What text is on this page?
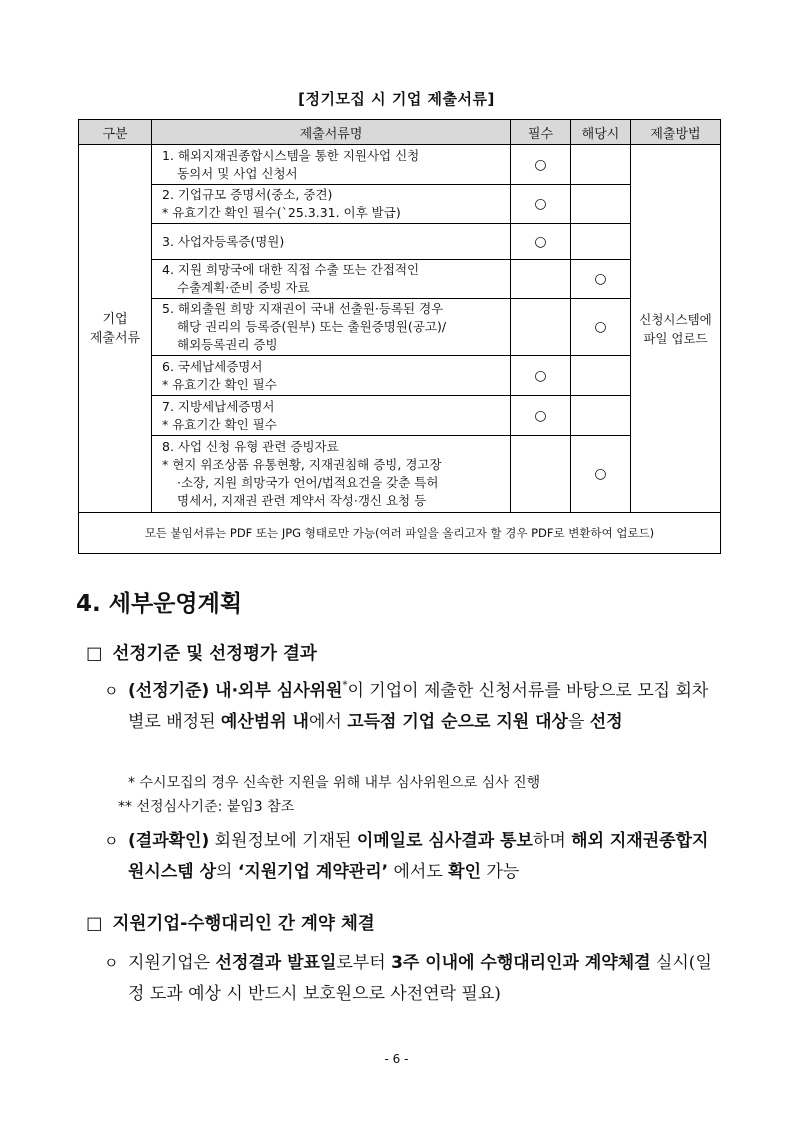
[정기모집 시 기업 제출서류]
구분	제출서류명	필수	해당시	제출방법

기업
제출서류	1. 해외지재권종합시스템을 통한 지원사업 신청
동의서 및 사업 신청서	○		신청시스템에
파일 업로드

	2. 기업규모 증명서(중소, 중견)
* 유효기간 확인 필수(`25.3.31. 이후 발급)	○		

	3. 사업자등록증(명원)	○		

	4. 지원 희망국에 대한 직접 수출 또는 간접적인
수출계획·준비 증빙 자료		○	

	5. 해외출원 희망 지재권이 국내 선출원·등록된 경우
해당 권리의 등록증(원부) 또는 출원증명원(공고)/
해외등록권리 증빙		○	

	6. 국세납세증명서
* 유효기간 확인 필수	○		

	7. 지방세납세증명서
* 유효기간 확인 필수	○		

	8. 사업 신청 유형 관련 증빙자료
* 현지 위조상품 유통현황, 지재권침해 증빙, 경고장
·소장, 지원 희망국가 언어/법적요건을 갖춘 특허
명세서, 지재권 관련 계약서 작성·갱신 요청 등		○	
모든 붙임서류는 PDF 또는 JPG 형태로만 가능(여러 파일을 올리고자 할 경우 PDF로 변환하여 업로드)				
4. 세부운영계획
□ 선정기준 및 선정평가 결과
ㅇ (선정기준) 내·외부 심사위원*이 기업이 제출한 신청서류를 바탕으로 모집 회차별로 배정된 예산범위 내에서 고득점 기업 순으로 지원 대상을 선정
* 수시모집의 경우 신속한 지원을 위해 내부 심사위원으로 심사 진행
** 선정심사기준: 붙임3 참조
ㅇ (결과확인) 회원정보에 기재된 이메일로 심사결과 통보하며 해외 지재권종합지원시스템 상의 ‘지원기업 계약관리’ 에서도 확인 가능
□ 지원기업-수행대리인 간 계약 체결
ㅇ 지원기업은 선정결과 발표일로부터 3주 이내에 수행대리인과 계약체결 실시(일정 도과 예상 시 반드시 보호원으로 사전연락 필요)
- 6 -
